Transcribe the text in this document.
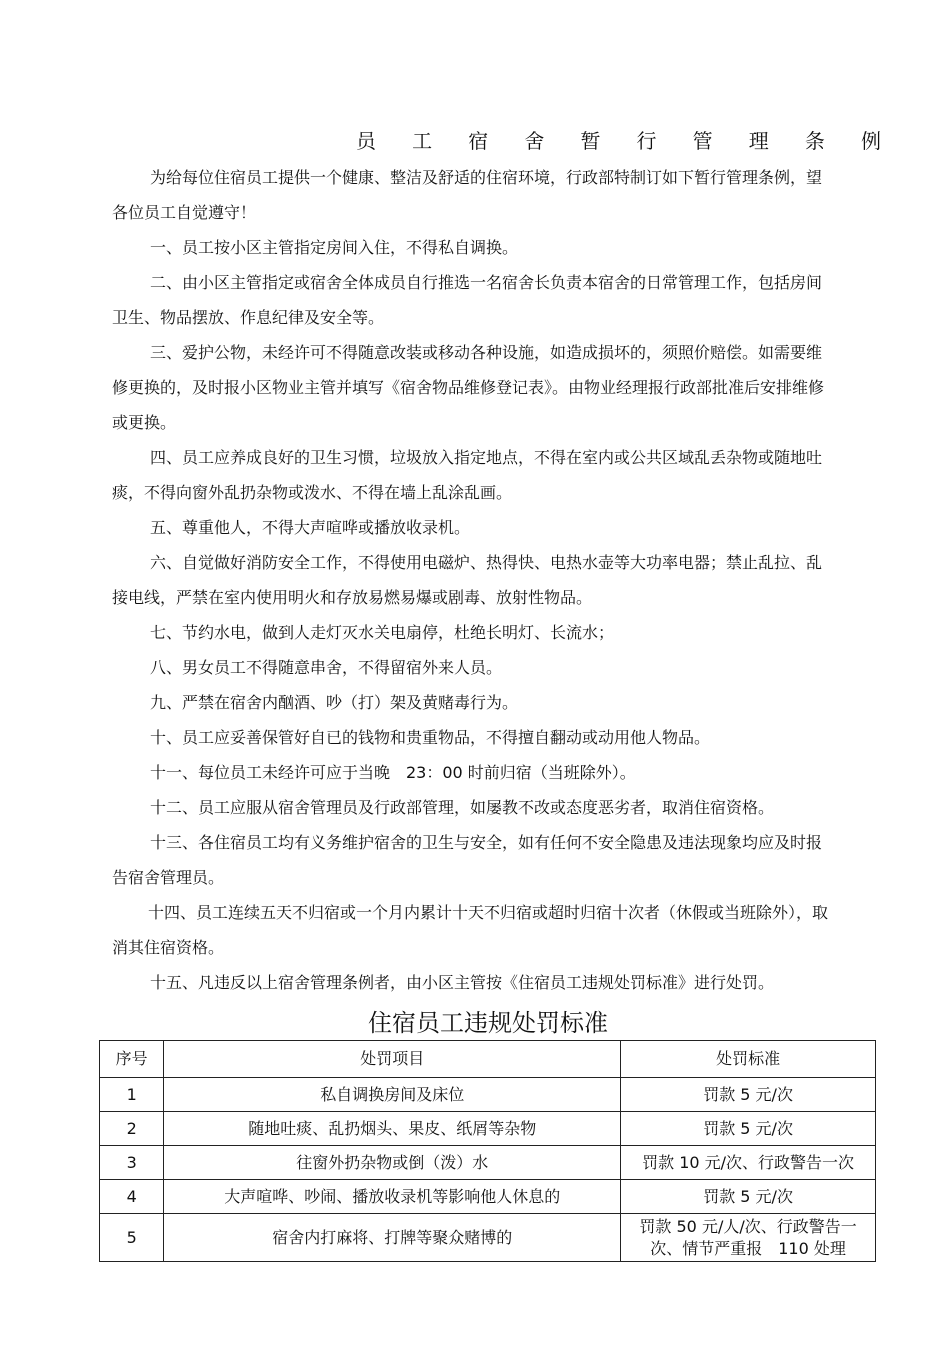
员 工 宿 舍 暂 行 管 理 条 例

为给每位住宿员工提供一个健康、整洁及舒适的住宿环境，行政部特制订如下暂行管理条例，望各位员工自觉遵守！

一、员工按小区主管指定房间入住，不得私自调换。

二、由小区主管指定或宿舍全体成员自行推选一名宿舍长负责本宿舍的日常管理工作，包括房间卫生、物品摆放、作息纪律及安全等。

三、爱护公物，未经许可不得随意改装或移动各种设施，如造成损坏的，须照价赔偿。如需要维修更换的，及时报小区物业主管并填写《宿舍物品维修登记表》。由物业经理报行政部批准后安排维修或更换。

四、员工应养成良好的卫生习惯，垃圾放入指定地点，不得在室内或公共区域乱丢杂物或随地吐痰，不得向窗外乱扔杂物或泼水、不得在墙上乱涂乱画。

五、尊重他人，不得大声喧哗或播放收录机。

六、自觉做好消防安全工作，不得使用电磁炉、热得快、电热水壶等大功率电器；禁止乱拉、乱接电线，严禁在室内使用明火和存放易燃易爆或剧毒、放射性物品。

七、节约水电，做到人走灯灭水关电扇停，杜绝长明灯、长流水；

八、男女员工不得随意串舍，不得留宿外来人员。

九、严禁在宿舍内酗酒、吵（打）架及黄赌毒行为。

十、员工应妥善保管好自已的钱物和贵重物品，不得擅自翻动或动用他人物品。

十一、每位员工未经许可应于当晚　23：00 时前归宿（当班除外）。

十二、员工应服从宿舍管理员及行政部管理，如屡教不改或态度恶劣者，取消住宿资格。

十三、各住宿员工均有义务维护宿舍的卫生与安全，如有任何不安全隐患及违法现象均应及时报告宿舍管理员。

十四、员工连续五天不归宿或一个月内累计十天不归宿或超时归宿十次者（休假或当班除外），取消其住宿资格。

十五、凡违反以上宿舍管理条例者，由小区主管按《住宿员工违规处罚标准》进行处罚。

住宿员工违规处罚标准
序号	处罚项目	处罚标准
1	私自调换房间及床位	罚款 5 元/次
2	随地吐痰、乱扔烟头、果皮、纸屑等杂物	罚款 5 元/次
3	往窗外扔杂物或倒（泼）水	罚款 10 元/次、行政警告一次
4	大声喧哗、吵闹、播放收录机等影响他人休息的	罚款 5 元/次
5	宿舍内打麻将、打牌等聚众赌博的	罚款 50 元/人/次、行政警告一次、情节严重报　110 处理
